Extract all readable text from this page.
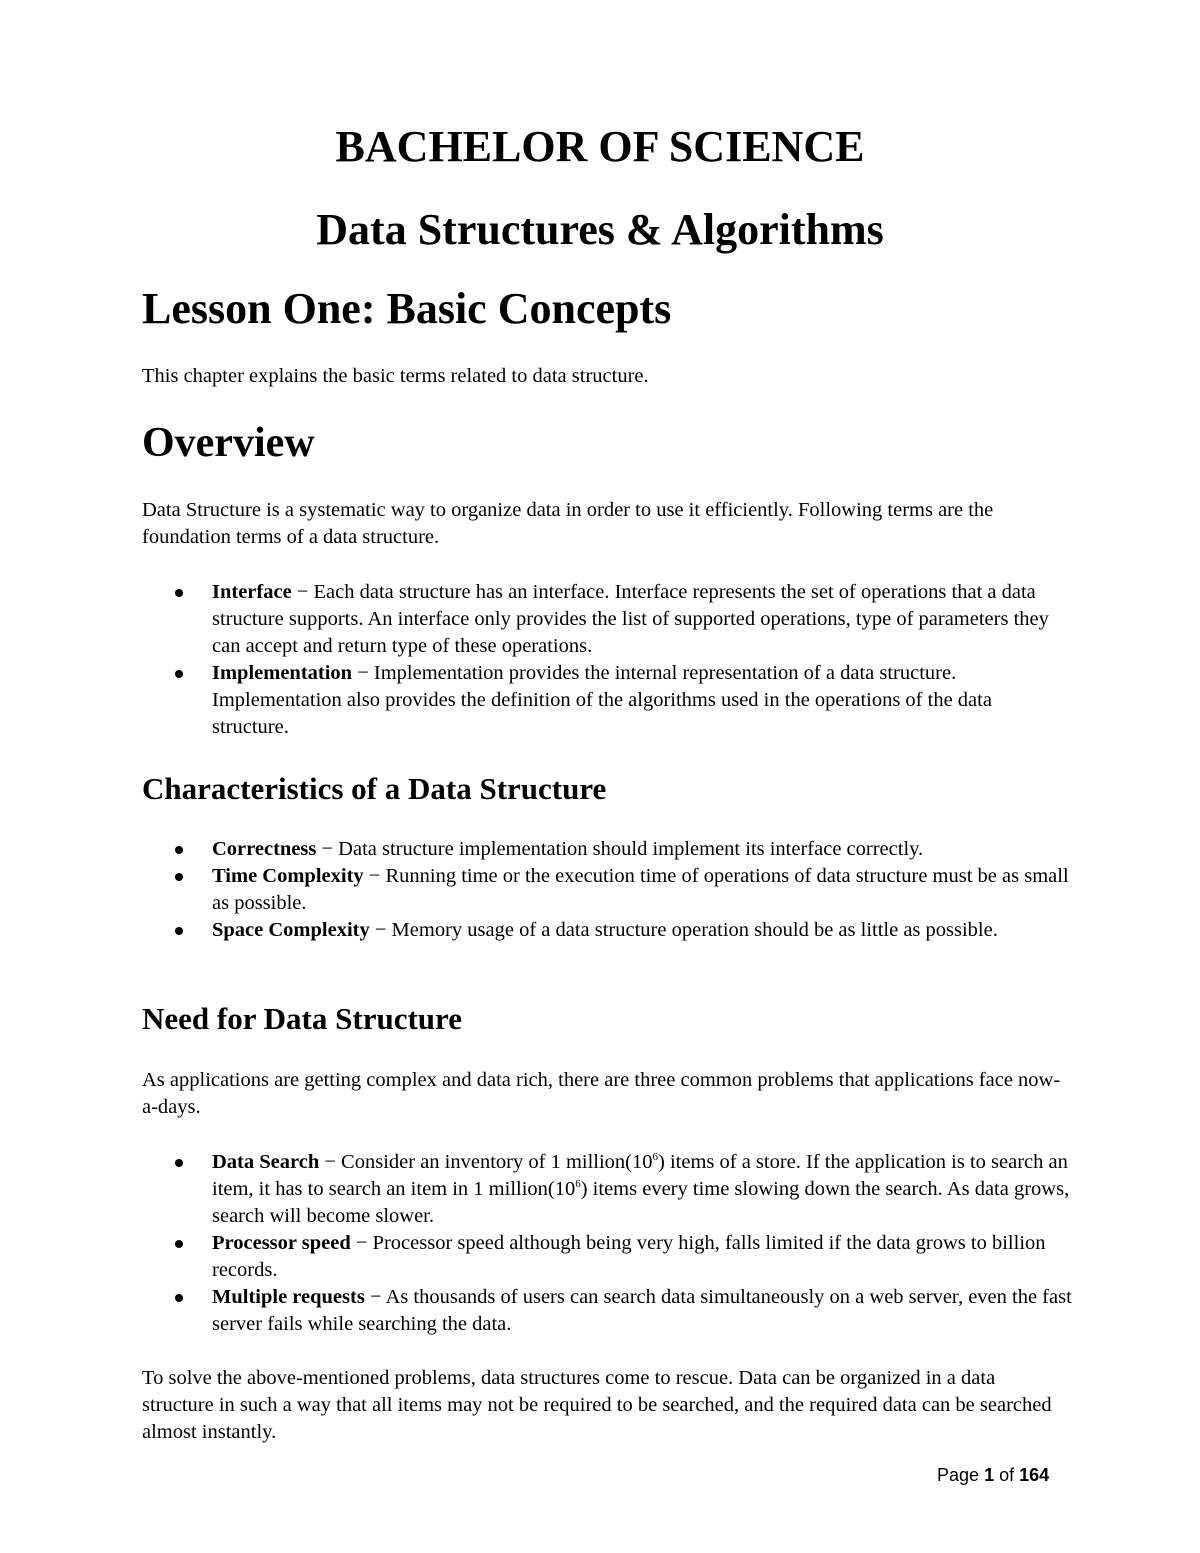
BACHELOR OF SCIENCE
Data Structures & Algorithms
Lesson One: Basic Concepts

This chapter explains the basic terms related to data structure.

Overview

Data Structure is a systematic way to organize data in order to use it efficiently. Following terms are the foundation terms of a data structure.

Interface − Each data structure has an interface. Interface represents the set of operations that a data structure supports. An interface only provides the list of supported operations, type of parameters they can accept and return type of these operations.
Implementation − Implementation provides the internal representation of a data structure. Implementation also provides the definition of the algorithms used in the operations of the data structure.
Characteristics of a Data Structure
Correctness − Data structure implementation should implement its interface correctly.
Time Complexity − Running time or the execution time of operations of data structure must be as small as possible.
Space Complexity − Memory usage of a data structure operation should be as little as possible.
Need for Data Structure

As applications are getting complex and data rich, there are three common problems that applications face now-a-days.

Data Search − Consider an inventory of 1 $million(10^6)$ items of a store. If the application is to search an item, it has to search an item in 1 $million(10^6)$ items every time slowing down the search. As data grows, search will become slower.
Processor speed − Processor speed although being very high, falls limited if the data grows to billion records.
Multiple requests − As thousands of users can search data simultaneously on a web server, even the fast server fails while searching the data.

To solve the above-mentioned problems, data structures come to rescue. Data can be organized in a data structure in such a way that all items may not be required to be searched, and the required data can be searched almost instantly.

Page 1 of 164
